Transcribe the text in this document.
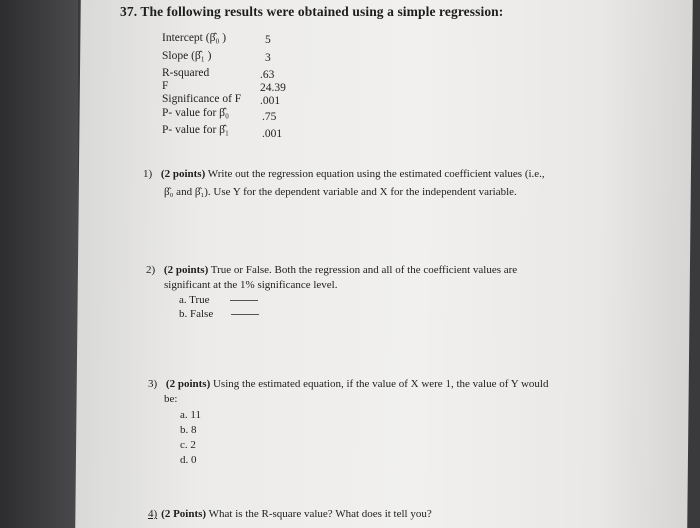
37. The following results were obtained using a simple regression:
Intercept (β̂₀ )	5
Slope (β̂₁ )	3
R-squared	.63
F	24.39
Significance of F .001
P- value for β̂₀	.75
P- value for β̂₁	.001
1) (2 points) Write out the regression equation using the estimated coefficient values (i.e.,
β̂₀ and β̂₁). Use Y for the dependent variable and X for the independent variable.
2) (2 points) True or False. Both the regression and all of the coefficient values are
significant at the 1% significance level.
a. True
b. False
3) (2 points) Using the estimated equation, if the value of X were 1, the value of Y would
be:
a. 11
b. 8
c. 2
d. 0
4) (2 Points) What is the R-square value? What does it tell you?
